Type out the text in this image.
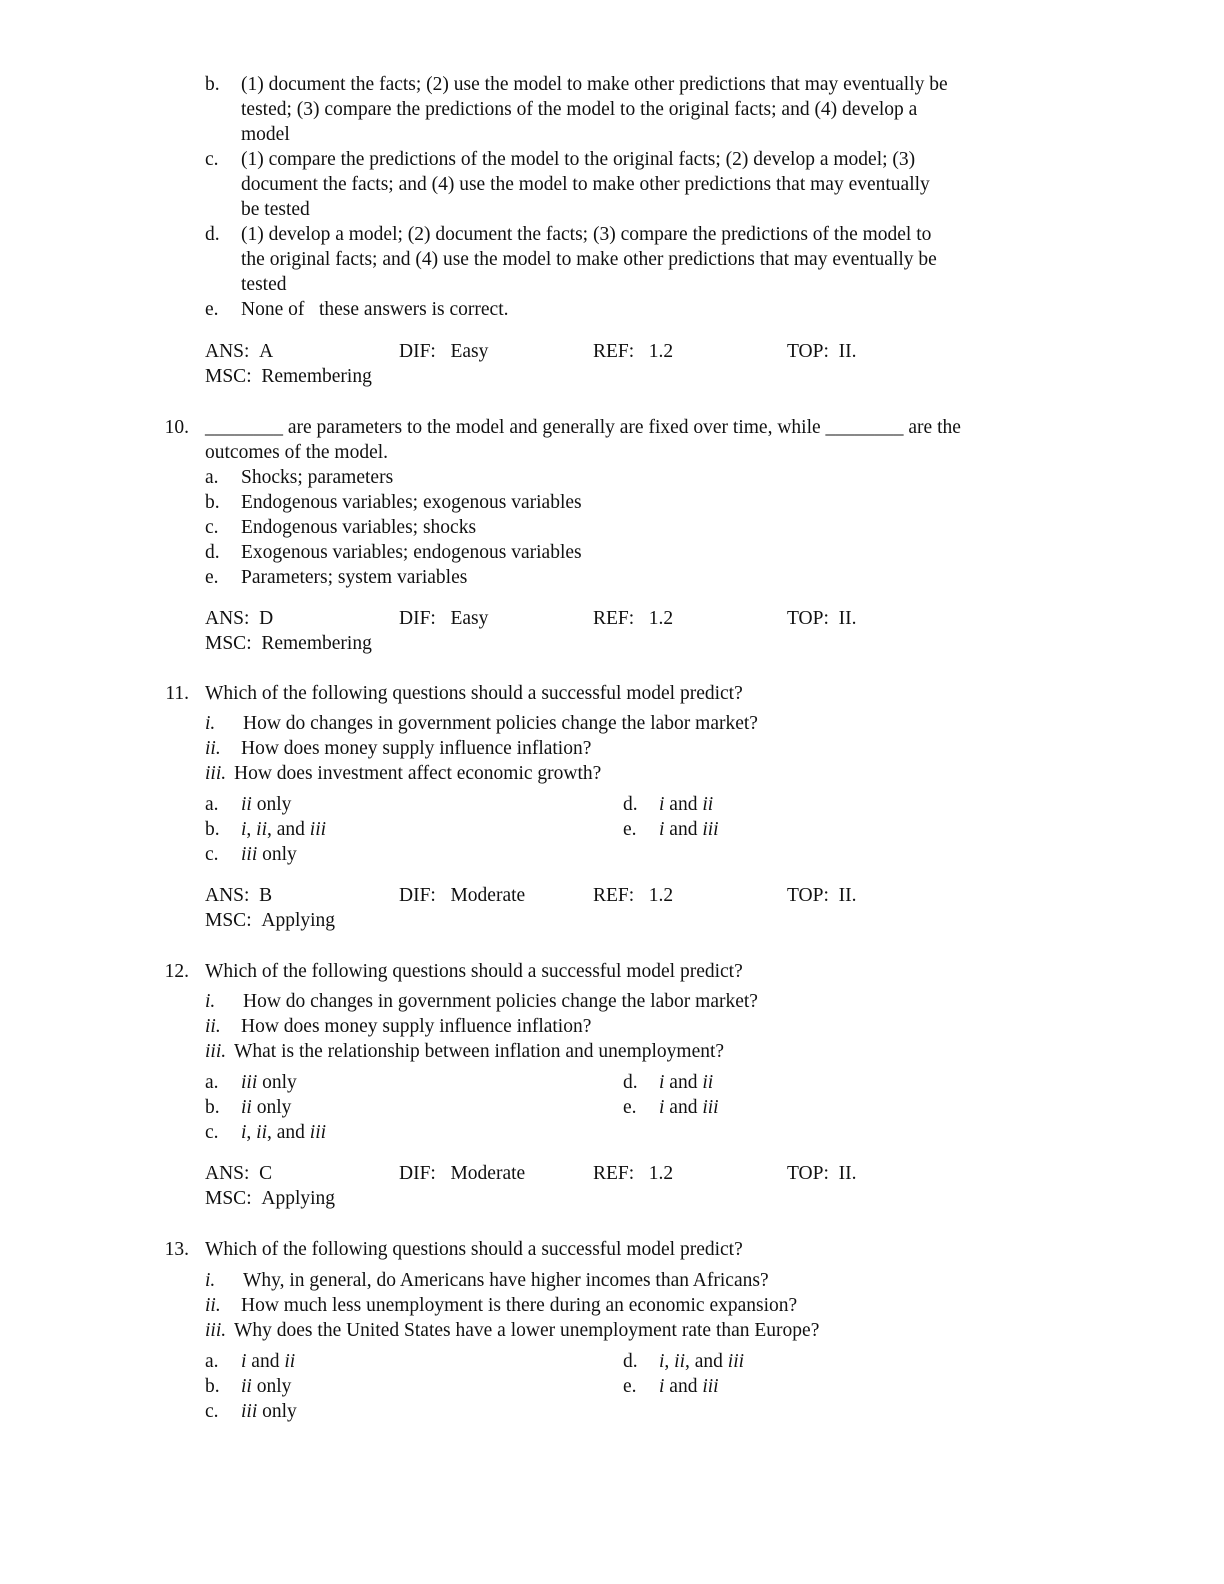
b. (1) document the facts; (2) use the model to make other predictions that may eventually be
tested; (3) compare the predictions of the model to the original facts; and (4) develop a
model
c. (1) compare the predictions of the model to the original facts; (2) develop a model; (3)
document the facts; and (4) use the model to make other predictions that may eventually
be tested
d. (1) develop a model; (2) document the facts; (3) compare the predictions of the model to
the original facts; and (4) use the model to make other predictions that may eventually be
tested
e. None of   these answers is correct.
ANS:  A	DIF:   Easy	REF:   1.2	TOP:  II.
MSC:  Remembering
10. ________ are parameters to the model and generally are fixed over time, while ________ are the
outcomes of the model.
a. Shocks; parameters
b. Endogenous variables; exogenous variables
c. Endogenous variables; shocks
d. Exogenous variables; endogenous variables
e. Parameters; system variables
ANS:  D	DIF:   Easy	REF:   1.2	TOP:  II.
MSC:  Remembering
11. Which of the following questions should a successful model predict?
i. How do changes in government policies change the labor market?
ii. How does money supply influence inflation?
iii. How does investment affect economic growth?
a. ii only
b. i, ii, and iii
c. iii only
d. i and ii
e. i and iii
ANS:  B	DIF:   Moderate	REF:   1.2	TOP:  II.
MSC:  Applying
12. Which of the following questions should a successful model predict?
i. How do changes in government policies change the labor market?
ii. How does money supply influence inflation?
iii. What is the relationship between inflation and unemployment?
a. iii only
b. ii only
c. i, ii, and iii
d. i and ii
e. i and iii
ANS:  C	DIF:   Moderate	REF:   1.2	TOP:  II.
MSC:  Applying
13. Which of the following questions should a successful model predict?
i. Why, in general, do Americans have higher incomes than Africans?
ii. How much less unemployment is there during an economic expansion?
iii. Why does the United States have a lower unemployment rate than Europe?
a. i and ii
b. ii only
c. iii only
d. i, ii, and iii
e. i and iii
